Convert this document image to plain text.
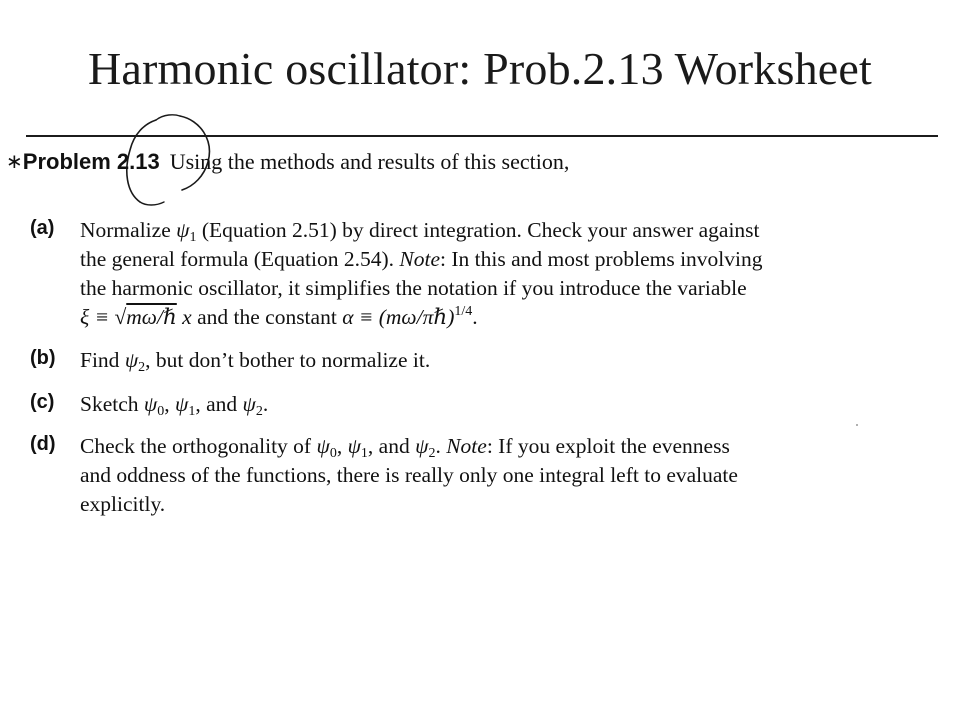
Harmonic oscillator: Prob.2.13 Worksheet
∗Problem 2.13 Using the methods and results of this section,
(a) Normalize $\psi_1$ (Equation 2.51) by direct integration. Check your answer against
the general formula (Equation 2.54). Note: In this and most problems involving
the harmonic oscillator, it simplifies the notation if you introduce the variable
ξ ≡ √mω/ℏ x and the constant α ≡ (mω/πℏ)$^{1/4}$.
(b) Find $\psi_2$, but don’t bother to normalize it.
(c) Sketch $\psi_0$, $\psi_1$, and $\psi_2$.
(d) Check the orthogonality of $\psi_0$, $\psi_1$, and $\psi_2$. Note: If you exploit the evenness
and oddness of the functions, there is really only one integral left to evaluate
explicitly.
